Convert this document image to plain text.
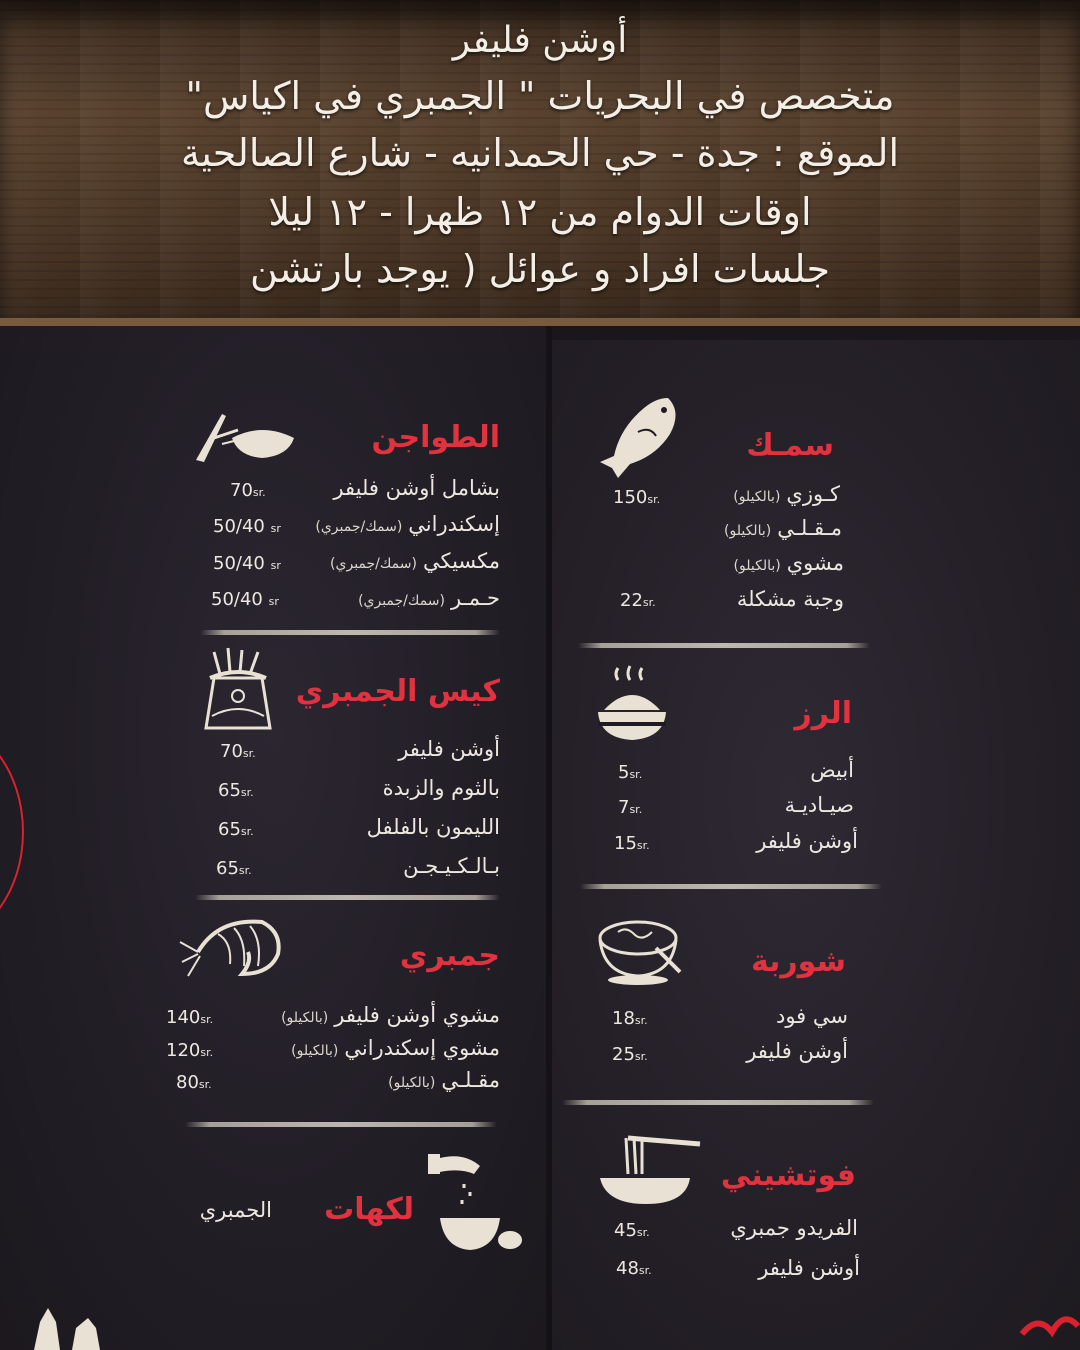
أوشن فليفر
متخصص في البحريات " الجمبري في اكياس"
الموقع : جدة - حي الحمدانيه - شارع الصالحية
اوقات الدوام من ١٢ ظهرا - ١٢ ليلا
جلسات افراد و عوائل ( يوجد بارتشن
الطواجن
بشامل أوشن فليفر
70sr.
إسكندراني(سمك/جمبري)
50/40 sr
مكسيكي(سمك/جمبري)
50/40 sr
حـمـر(سمك/جمبري)
50/40 sr
كيس الجمبري
أوشن فليفر
70sr.
بالثوم والزبدة
65sr.
الليمون بالفلفل
65sr.
بـالـكـيـجـن
65sr.
جمبري
مشوي أوشن فليفر(بالكيلو)
140sr.
مشوي إسكندراني(بالكيلو)
120sr.
مقـلـي(بالكيلو)
80sr.
لكهات
الجمبري
سمـك
كـوزي(بالكيلو)
150sr.
مـقـلـي(بالكيلو)
مشوي(بالكيلو)
وجبة مشكلة
22sr.
الرز
أبيض
5sr.
صيـاديـة
7sr.
أوشن فليفر
15sr.
شوربة
سي فود
18sr.
أوشن فليفر
25sr.
فوتشيني
الفريدو جمبري
45sr.
أوشن فليفر
48sr.
